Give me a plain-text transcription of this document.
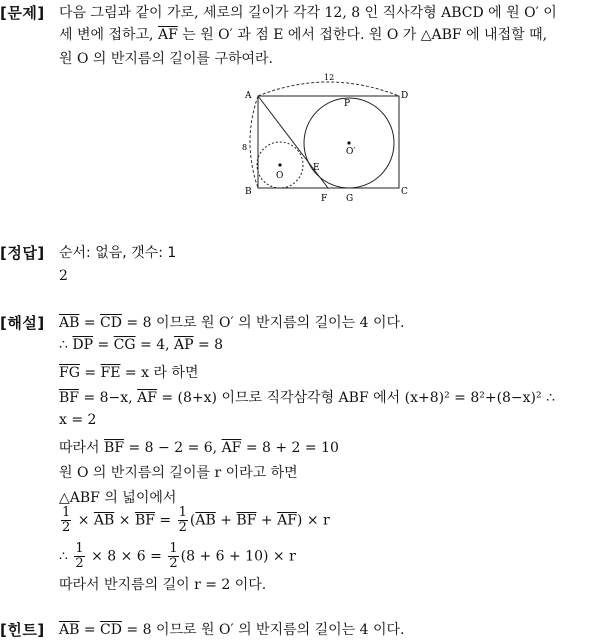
[문제] 다음 그림과 같이 가로, 세로의 길이가 각각 12, 8 인 직사각형 ABCD 에 원 O′ 이
세 변에 접하고, $\overline{AF}$ 는 원 O′ 과 점 E 에서 접한다. 원 O 가 △ABF 에 내접할 때,
원 O 의 반지름의 길이를 구하여라.
A	D
B	C
P
E
F G
O
O′
12
8
[정답] 순서: 없음, 갯수: 1
2
[해설] $\overline{AB} = \overline{CD} = 8$ 이므로 원 O′ 의 반지름의 길이는 4 이다.
∴ $\overline{DP} = \overline{CG} = 4$, $\overline{AP} = 8$
$\overline{FG} = \overline{FE} = x$ 라 하면
$\overline{BF} = 8-x$, $\overline{AF} = (8+x)$ 이므로 직각삼각형 ABF 에서 (x+8)² = 8²+(8−x)² ∴
x = 2
따라서 $\overline{BF} = 8 - 2 = 6$, $\overline{AF} = 8 + 2 = 10$
원 O 의 반지름의 길이를 r 이라고 하면
△ABF 의 넓이에서
$\frac{1}{2} \times \overline{AB} \times \overline{BF} = \frac{1}{2} (\overline{AB} + \overline{BF} + \overline{AF}) \times r$
∴ $\frac{1}{2} \times 8 \times 6 = \frac{1}{2} (8 + 6 + 10) \times r$
따라서 반지름의 길이 r = 2 이다.
[힌트] $\overline{AB} = \overline{CD} = 8$ 이므로 원 O′ 의 반지름의 길이는 4 이다.
